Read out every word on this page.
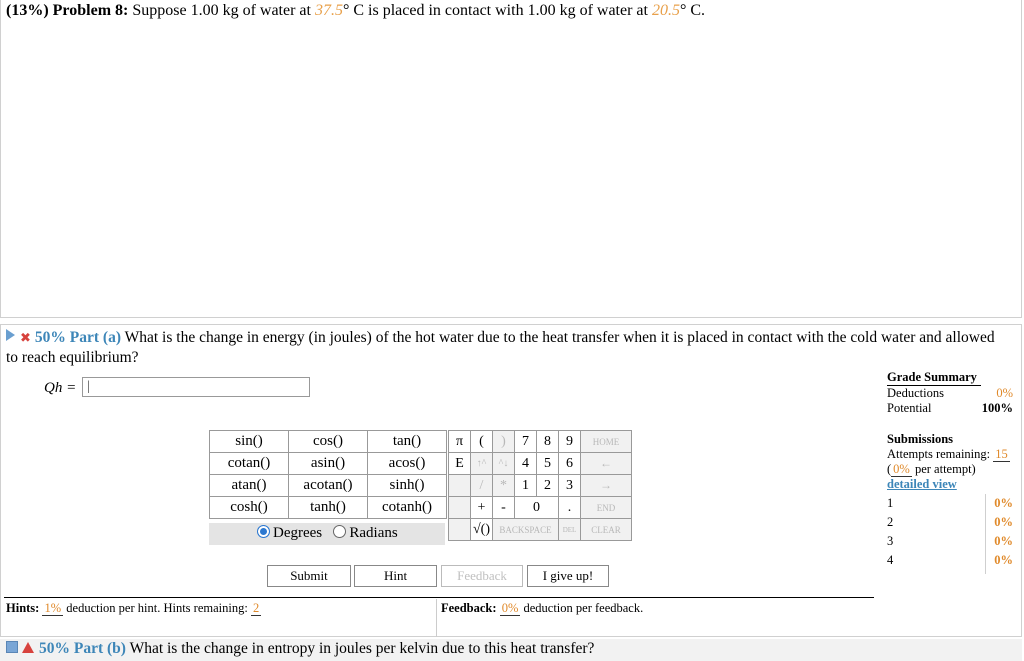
(13%) Problem 8: Suppose 1.00 kg of water at 37.5° C is placed in contact with 1.00 kg of water at 20.5° C.
✖ 50% Part (a) What is the change in energy (in joules) of the hot water due to the heat transfer when it is placed in contact with the cold water and allowed to reach equilibrium?
Qh =
|
sin()	cos()	tan()
cotan()	asin()	acos()
atan()	acotan()	sinh()
cosh()	tanh()	cotanh()
Degrees Radians
π	(	)	7	8	9	HOME
E	↑^	^↓	4	5	6	←
	/	*	1	2	3	→
	+	-	0		.	END
	√()	BACKSPACE			DEL	CLEAR
Submit	Hint	Feedback	I give up!
Hints: 1% deduction per hint. Hints remaining: 2	Feedback: 0% deduction per feedback.
Grade Summary
Deductions	0%
Potential	100%
Submissions
Attempts remaining: 15
( 0% per attempt)
detailed view
1	0%
2	0%
3	0%
4	0%
50% Part (b) What is the change in entropy in joules per kelvin due to this heat transfer?
